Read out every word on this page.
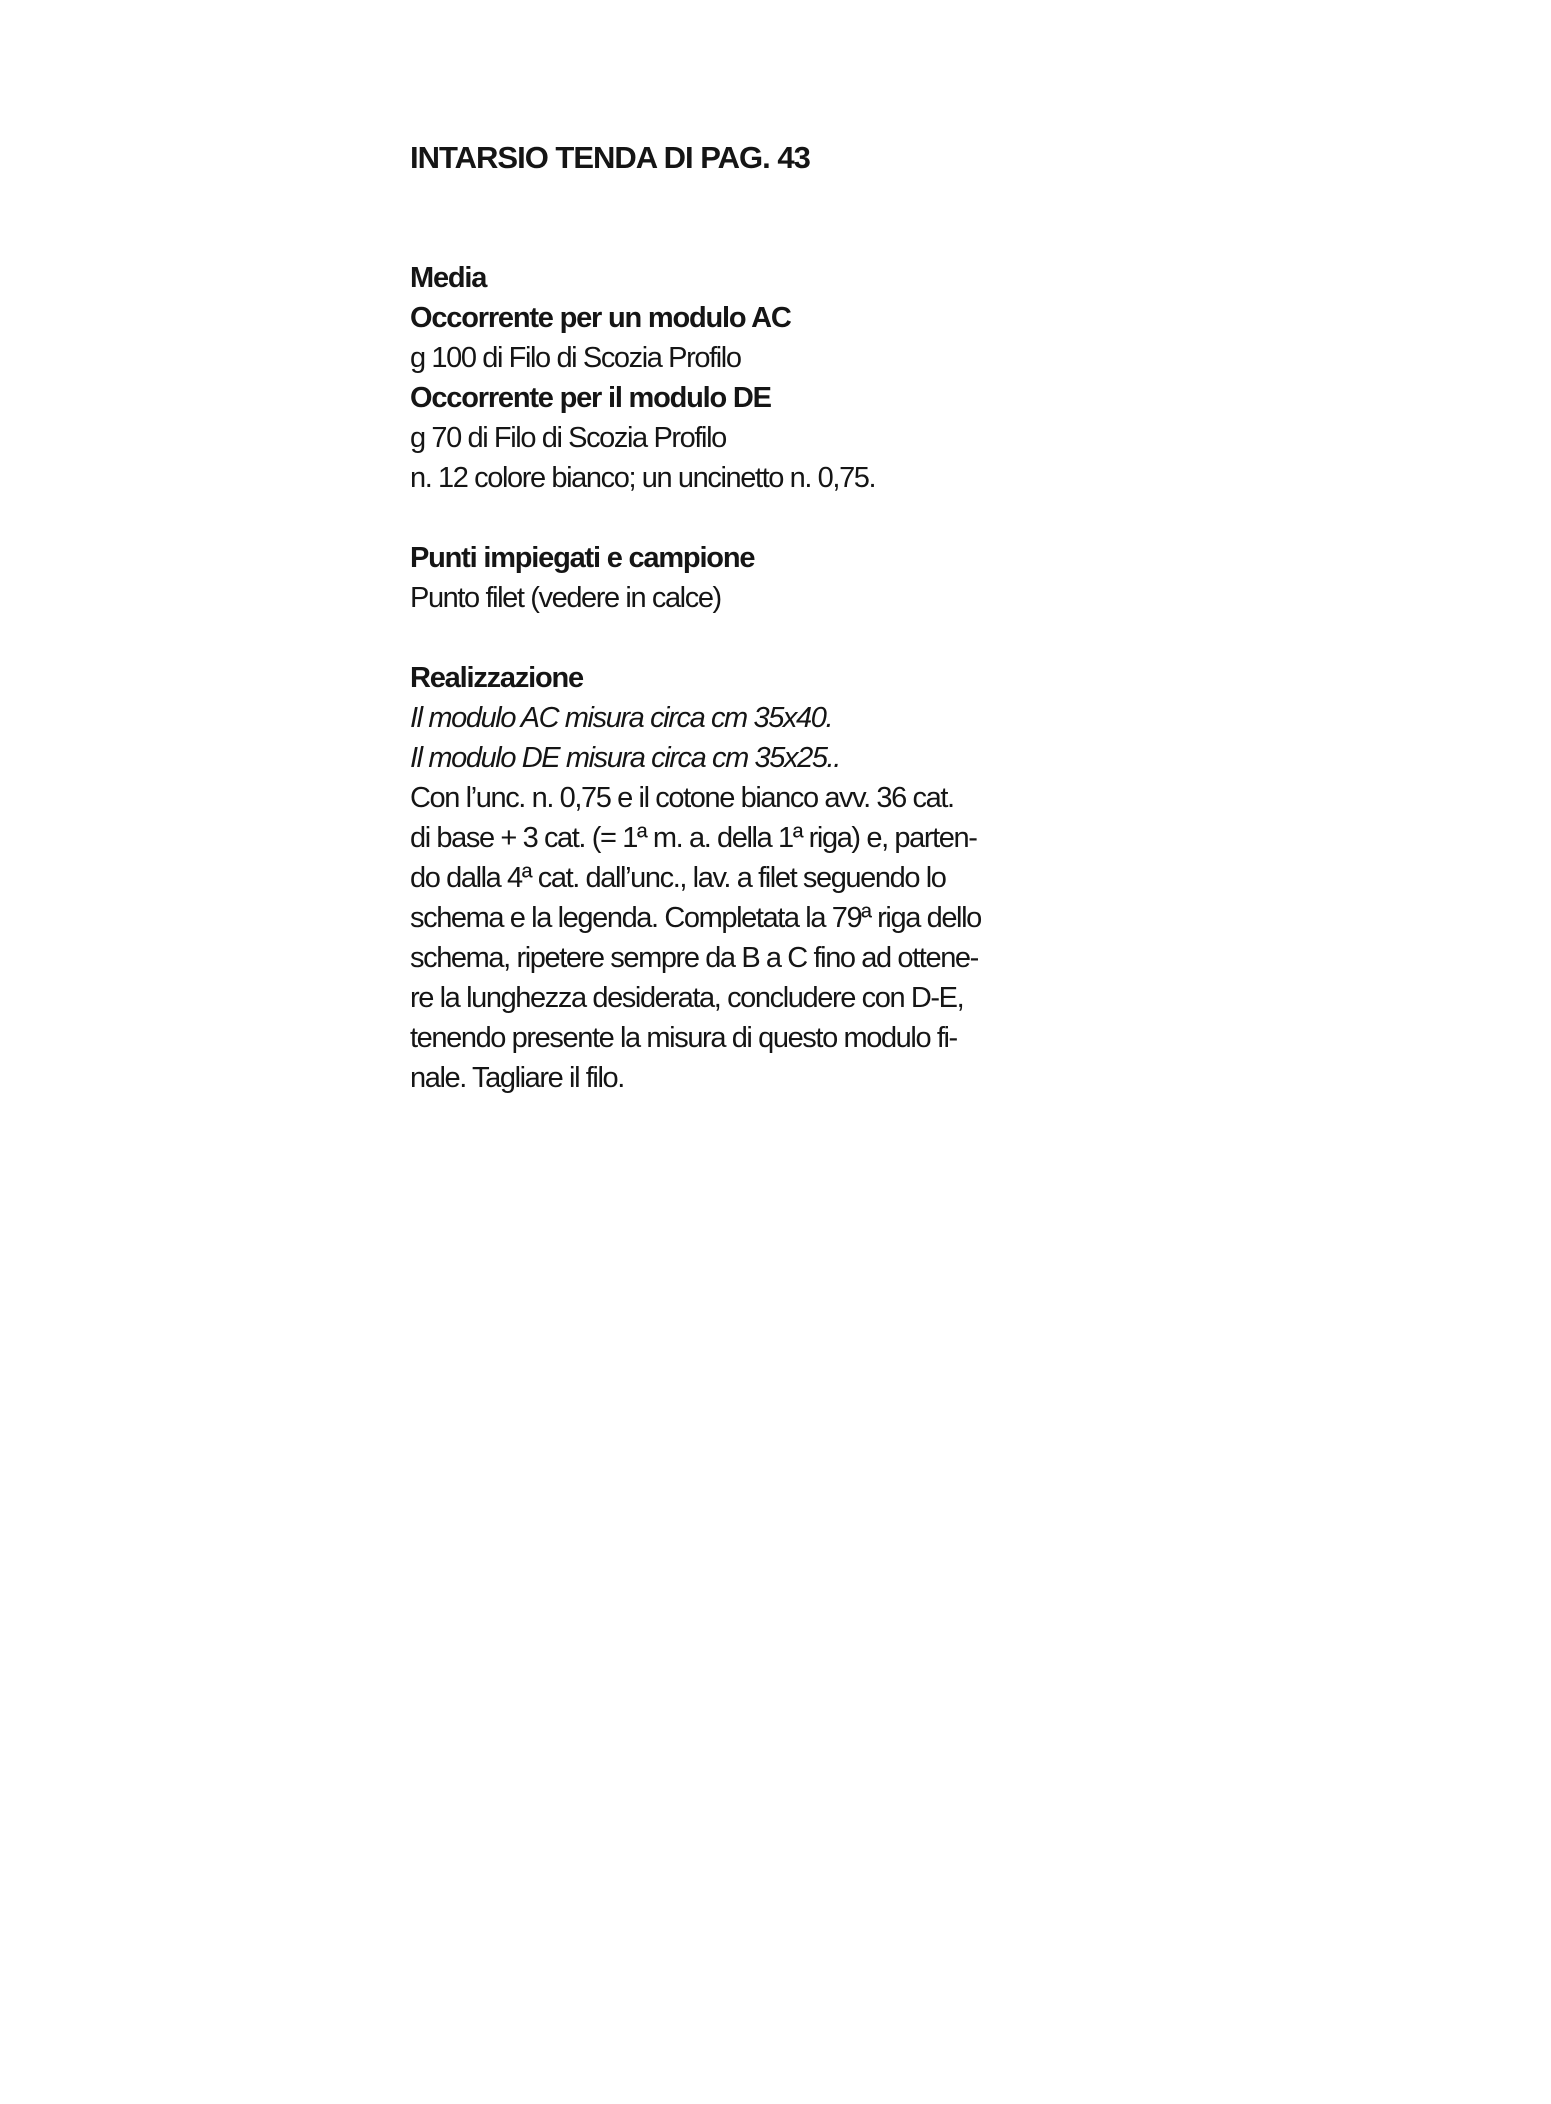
INTARSIO TENDA DI PAG. 43
Media
Occorrente per un modulo AC
g 100 di Filo di Scozia Profilo
Occorrente per il modulo DE
g 70 di Filo di Scozia Profilo
n. 12 colore bianco; un uncinetto n. 0,75.
Punti impiegati e campione
Punto filet (vedere in calce)
Realizzazione
Il modulo AC misura circa cm 35x40.
Il modulo DE misura circa cm 35x25..
Con l’unc. n. 0,75 e il cotone bianco avv. 36 cat.
di base + 3 cat. (= 1ª m. a. della 1ª riga) e, parten-
do dalla 4ª cat. dall’unc., lav. a filet seguendo lo
schema e la legenda. Completata la 79ª riga dello
schema, ripetere sempre da B a C fino ad ottene-
re la lunghezza desiderata, concludere con D-E,
tenendo presente la misura di questo modulo fi-
nale. Tagliare il filo.
